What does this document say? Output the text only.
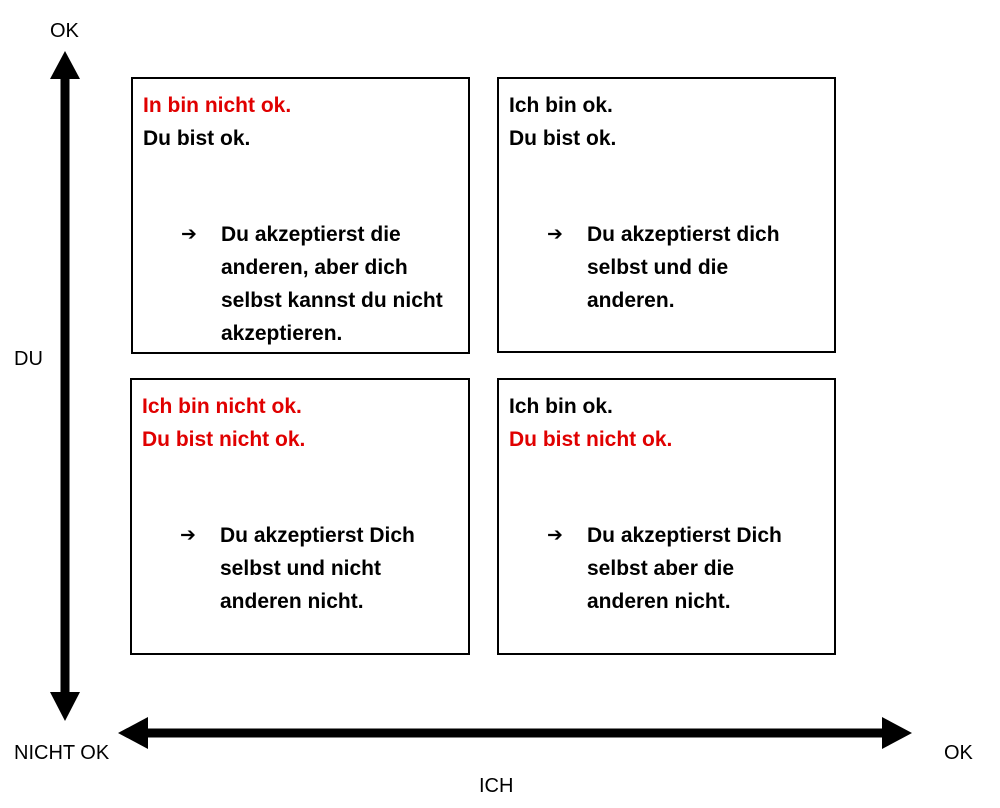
OK
DU
NICHT OK	OK
ICH
In bin nicht ok.
Du bist ok.
➔ Du akzeptierst die
anderen, aber dich
selbst kannst du nicht
akzeptieren.
Ich bin ok.
Du bist ok.
➔ Du akzeptierst dich
selbst und die
anderen.
Ich bin nicht ok.
Du bist nicht ok.
➔ Du akzeptierst Dich
selbst und nicht
anderen nicht.
Ich bin ok.
Du bist nicht ok.
➔ Du akzeptierst Dich
selbst aber die
anderen nicht.
